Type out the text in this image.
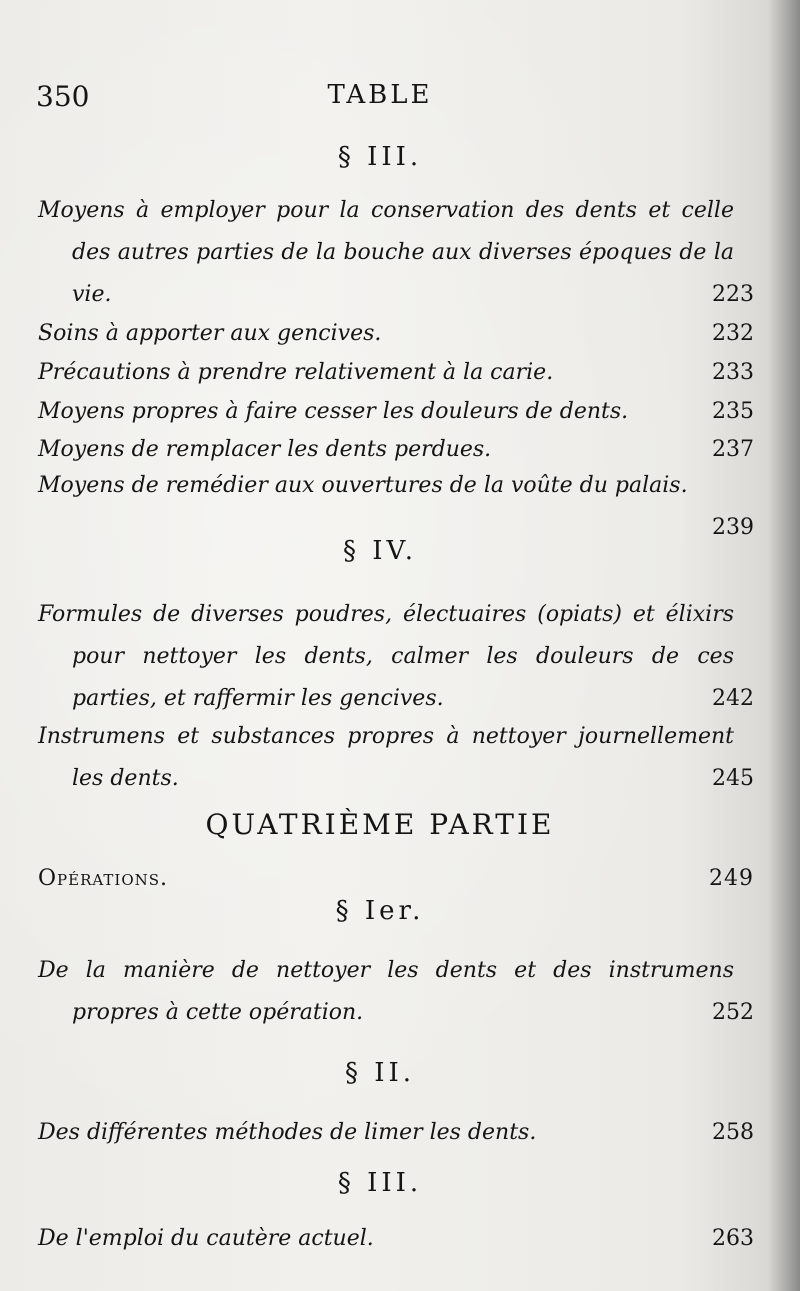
350	TABLE
§ III.
223
Moyens à employer pour la conservation des dents et celle des autres parties de la bouche aux diverses époques de la vie.
232
Soins à apporter aux gencives.
233
Précautions à prendre relativement à la carie.
235
Moyens propres à faire cesser les douleurs de dents.
237
Moyens de remplacer les dents perdues.
239
Moyens de remédier aux ouvertures de la voûte du palais.
§ IV.
242
Formules de diverses poudres, électuaires (opiats) et élixirs pour nettoyer les dents, calmer les douleurs de ces parties, et raffermir les gencives.
245
Instrumens et substances propres à nettoyer journellement les dents.
QUATRIÈME PARTIE
249
Opérations.
§ Ier.
252
De la manière de nettoyer les dents et des instrumens propres à cette opération.
§ II.
258
Des différentes méthodes de limer les dents.
§ III.
263
De l'emploi du cautère actuel.
